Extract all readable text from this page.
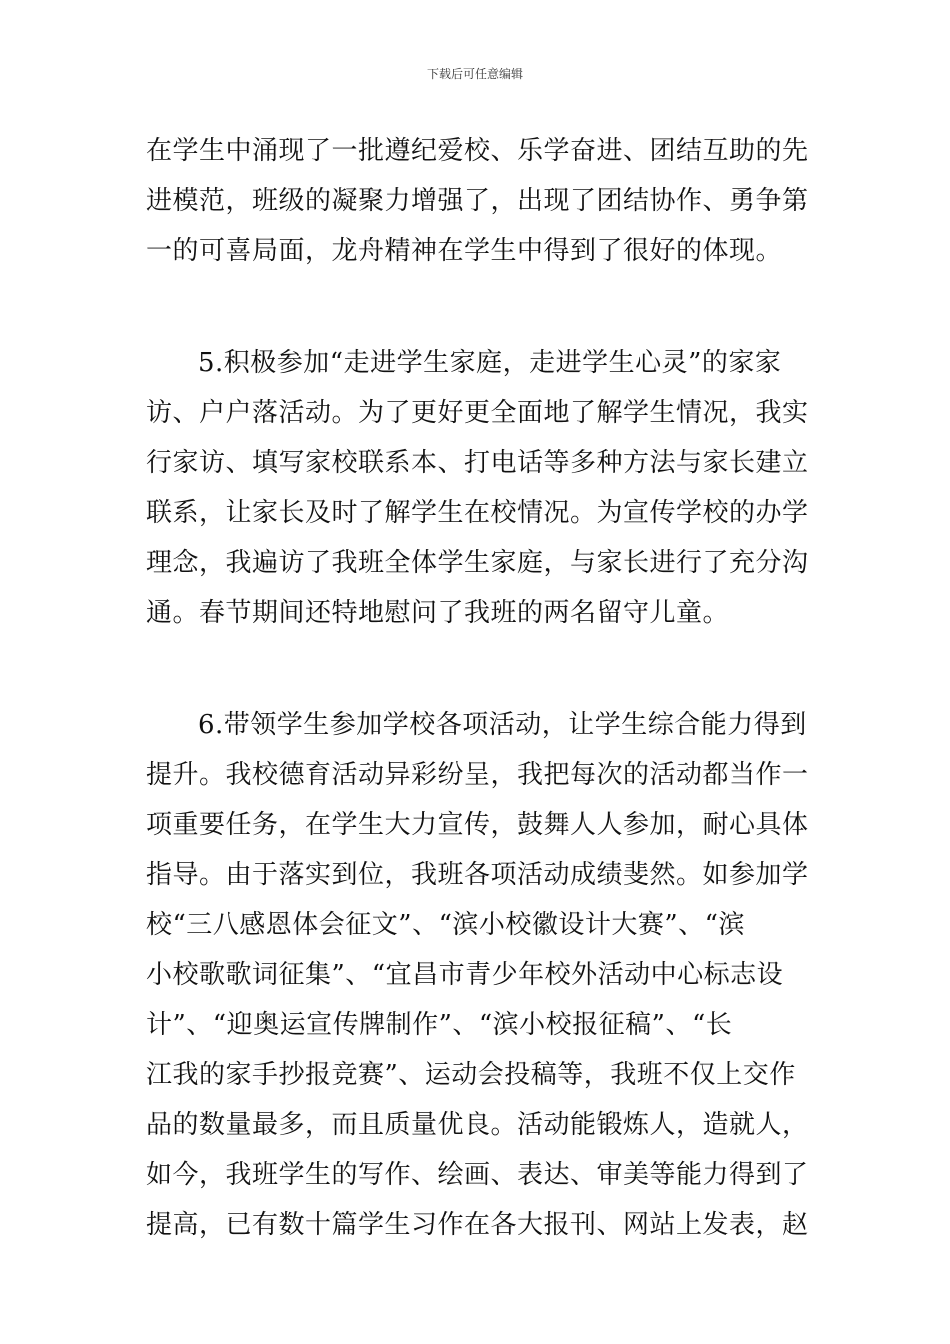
下载后可任意编辑
在学生中涌现了一批遵纪爱校、乐学奋进、团结互助的先
进模范，班级的凝聚力增强了，出现了团结协作、勇争第
一的可喜局面，龙舟精神在学生中得到了很好的体现。
5.积极参加“走进学生家庭，走进学生心灵”的家家
访、户户落活动。为了更好更全面地了解学生情况，我实
行家访、填写家校联系本、打电话等多种方法与家长建立
联系，让家长及时了解学生在校情况。为宣传学校的办学
理念，我遍访了我班全体学生家庭，与家长进行了充分沟
通。春节期间还特地慰问了我班的两名留守儿童。
6.带领学生参加学校各项活动，让学生综合能力得到
提升。我校德育活动异彩纷呈，我把每次的活动都当作一
项重要任务，在学生大力宣传，鼓舞人人参加，耐心具体
指导。由于落实到位，我班各项活动成绩斐然。如参加学
校“三八感恩体会征文”、“滨小校徽设计大赛”、“滨
小校歌歌词征集”、“宜昌市青少年校外活动中心标志设
计”、“迎奥运宣传牌制作”、“滨小校报征稿”、“长
江我的家手抄报竞赛”、运动会投稿等，我班不仅上交作
品的数量最多，而且质量优良。活动能锻炼人，造就人，
如今，我班学生的写作、绘画、表达、审美等能力得到了
提高，已有数十篇学生习作在各大报刊、网站上发表，赵
